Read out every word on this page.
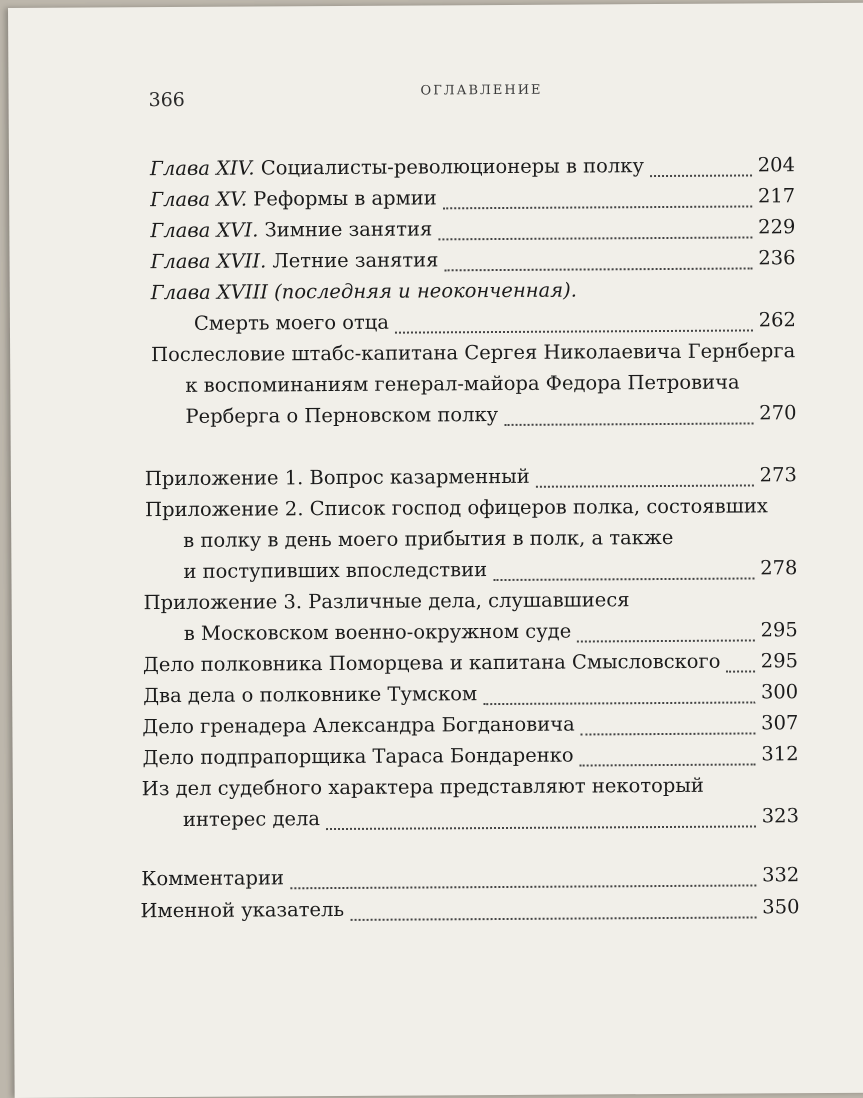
366	ОГЛАВЛЕНИЕ
Глава XIV. Социалисты-революционеры в полку	204
Глава XV. Реформы в армии	217
Глава XVI. Зимние занятия	229
Глава XVII. Летние занятия	236
Глава XVIII (последняя и неоконченная).
Смерть моего отца	262
Послесловие штабс-капитана Сергея Николаевича Гернберга
к воспоминаниям генерал-майора Федора Петровича
Рерберга о Перновском полку	270
Приложение 1. Вопрос казарменный	273
Приложение 2. Список господ офицеров полка, состоявших
в полку в день моего прибытия в полк, а также
и поступивших впоследствии	278
Приложение 3. Различные дела, слушавшиеся
в Московском военно-окружном суде	295
Дело полковника Поморцева и капитана Смысловского 295
Два дела о полковнике Тумском	300
Дело гренадера Александра Богдановича	307
Дело подпрапорщика Тараса Бондаренко	312
Из дел судебного характера представляют некоторый
интерес дела	323
Комментарии	332
Именной указатель	350
